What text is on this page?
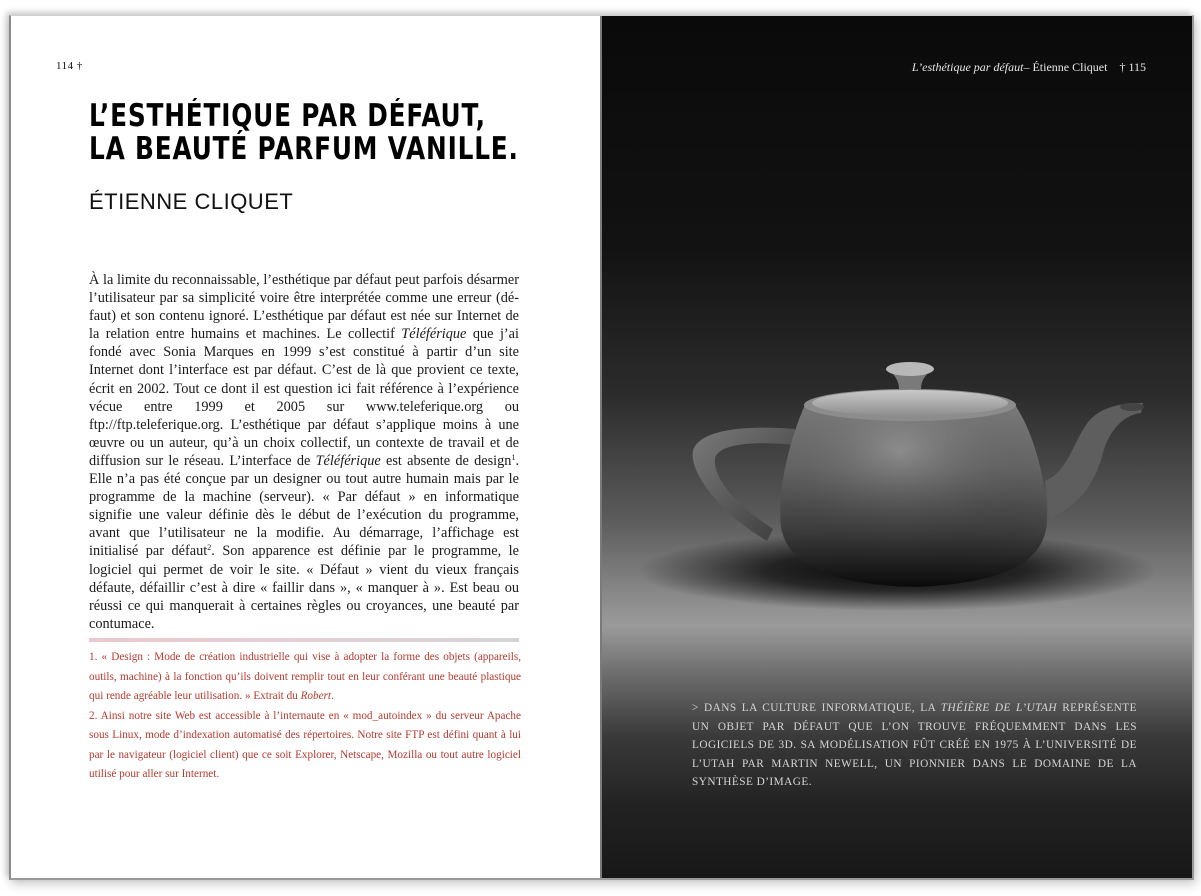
114 †
L’ESTHÉTIQUE PAR DÉFAUT,
LA BEAUTÉ PARFUM VANILLE.
ÉTIENNE CLIQUET

À la limite du reconnaissable, l’esthétique par défaut peut parfois désarmer l’utilisateur par sa simplicité voire être interprétée comme une erreur (défaut) et son contenu ignoré. L’esthétique par défaut est née sur Internet de la relation entre humains et machines. Le collectif Téléférique que j’ai fondé avec Sonia Marques en 1999 s’est constitué à partir d’un site Internet dont l’interface est par défaut. C’est de là que provient ce texte, écrit en 2002. Tout ce dont il est question ici fait référence à l’expérience vécue entre 1999 et 2005 sur www.teleferique.org ou ftp://ftp.teleferique.org. L’esthétique par défaut s’applique moins à une œuvre ou un auteur, qu’à un choix collectif, un contexte de travail et de diffusion sur le réseau. L’interface de Téléférique est absente de design$^1$. Elle n’a pas été conçue par un designer ou tout autre humain mais par le programme de la machine (serveur). « Par défaut » en informatique signifie une valeur définie dès le début de l’exécution du programme, avant que l’utilisateur ne la modifie. Au démarrage, l’affichage est initialisé par défaut$^2$. Son apparence est définie par le programme, le logiciel qui permet de voir le site. « Défaut » vient du vieux français défaute, défaillir c’est à dire « faillir dans », « manquer à ». Est beau ou réussi ce qui manquerait à certaines règles ou croyances, une beauté par contumace.

1. « Design : Mode de création industrielle qui vise à adopter la forme des objets (appareils, outils, machine) à la fonction qu’ils doivent remplir tout en leur conférant une beauté plastique qui rende agréable leur utilisation. » Extrait du Robert.

2. Ainsi notre site Web est accessible à l’internaute en « mod_autoindex » du serveur Apache sous Linux, mode d’indexation automatisé des répertoires. Notre site FTP est défini quant à lui par le navigateur (logiciel client) que ce soit Explorer, Netscape, Mozilla ou tout autre logiciel utilisé pour aller sur Internet.

L’esthétique par défaut– Étienne Cliquet † 115

> DANS LA CULTURE INFORMATIQUE, LA THÉIÈRE DE L’UTAH REPRÉSENTE UN OBJET PAR DÉFAUT QUE L’ON TROUVE FRÉQUEMMENT DANS LES LOGICIELS DE 3D. SA MODÉLISATION FÛT CRÉÉ EN 1975 À L’UNIVERSITÉ DE L’UTAH PAR MARTIN NEWELL, UN PIONNIER DANS LE DOMAINE DE LA SYNTHÈSE D’IMAGE.
